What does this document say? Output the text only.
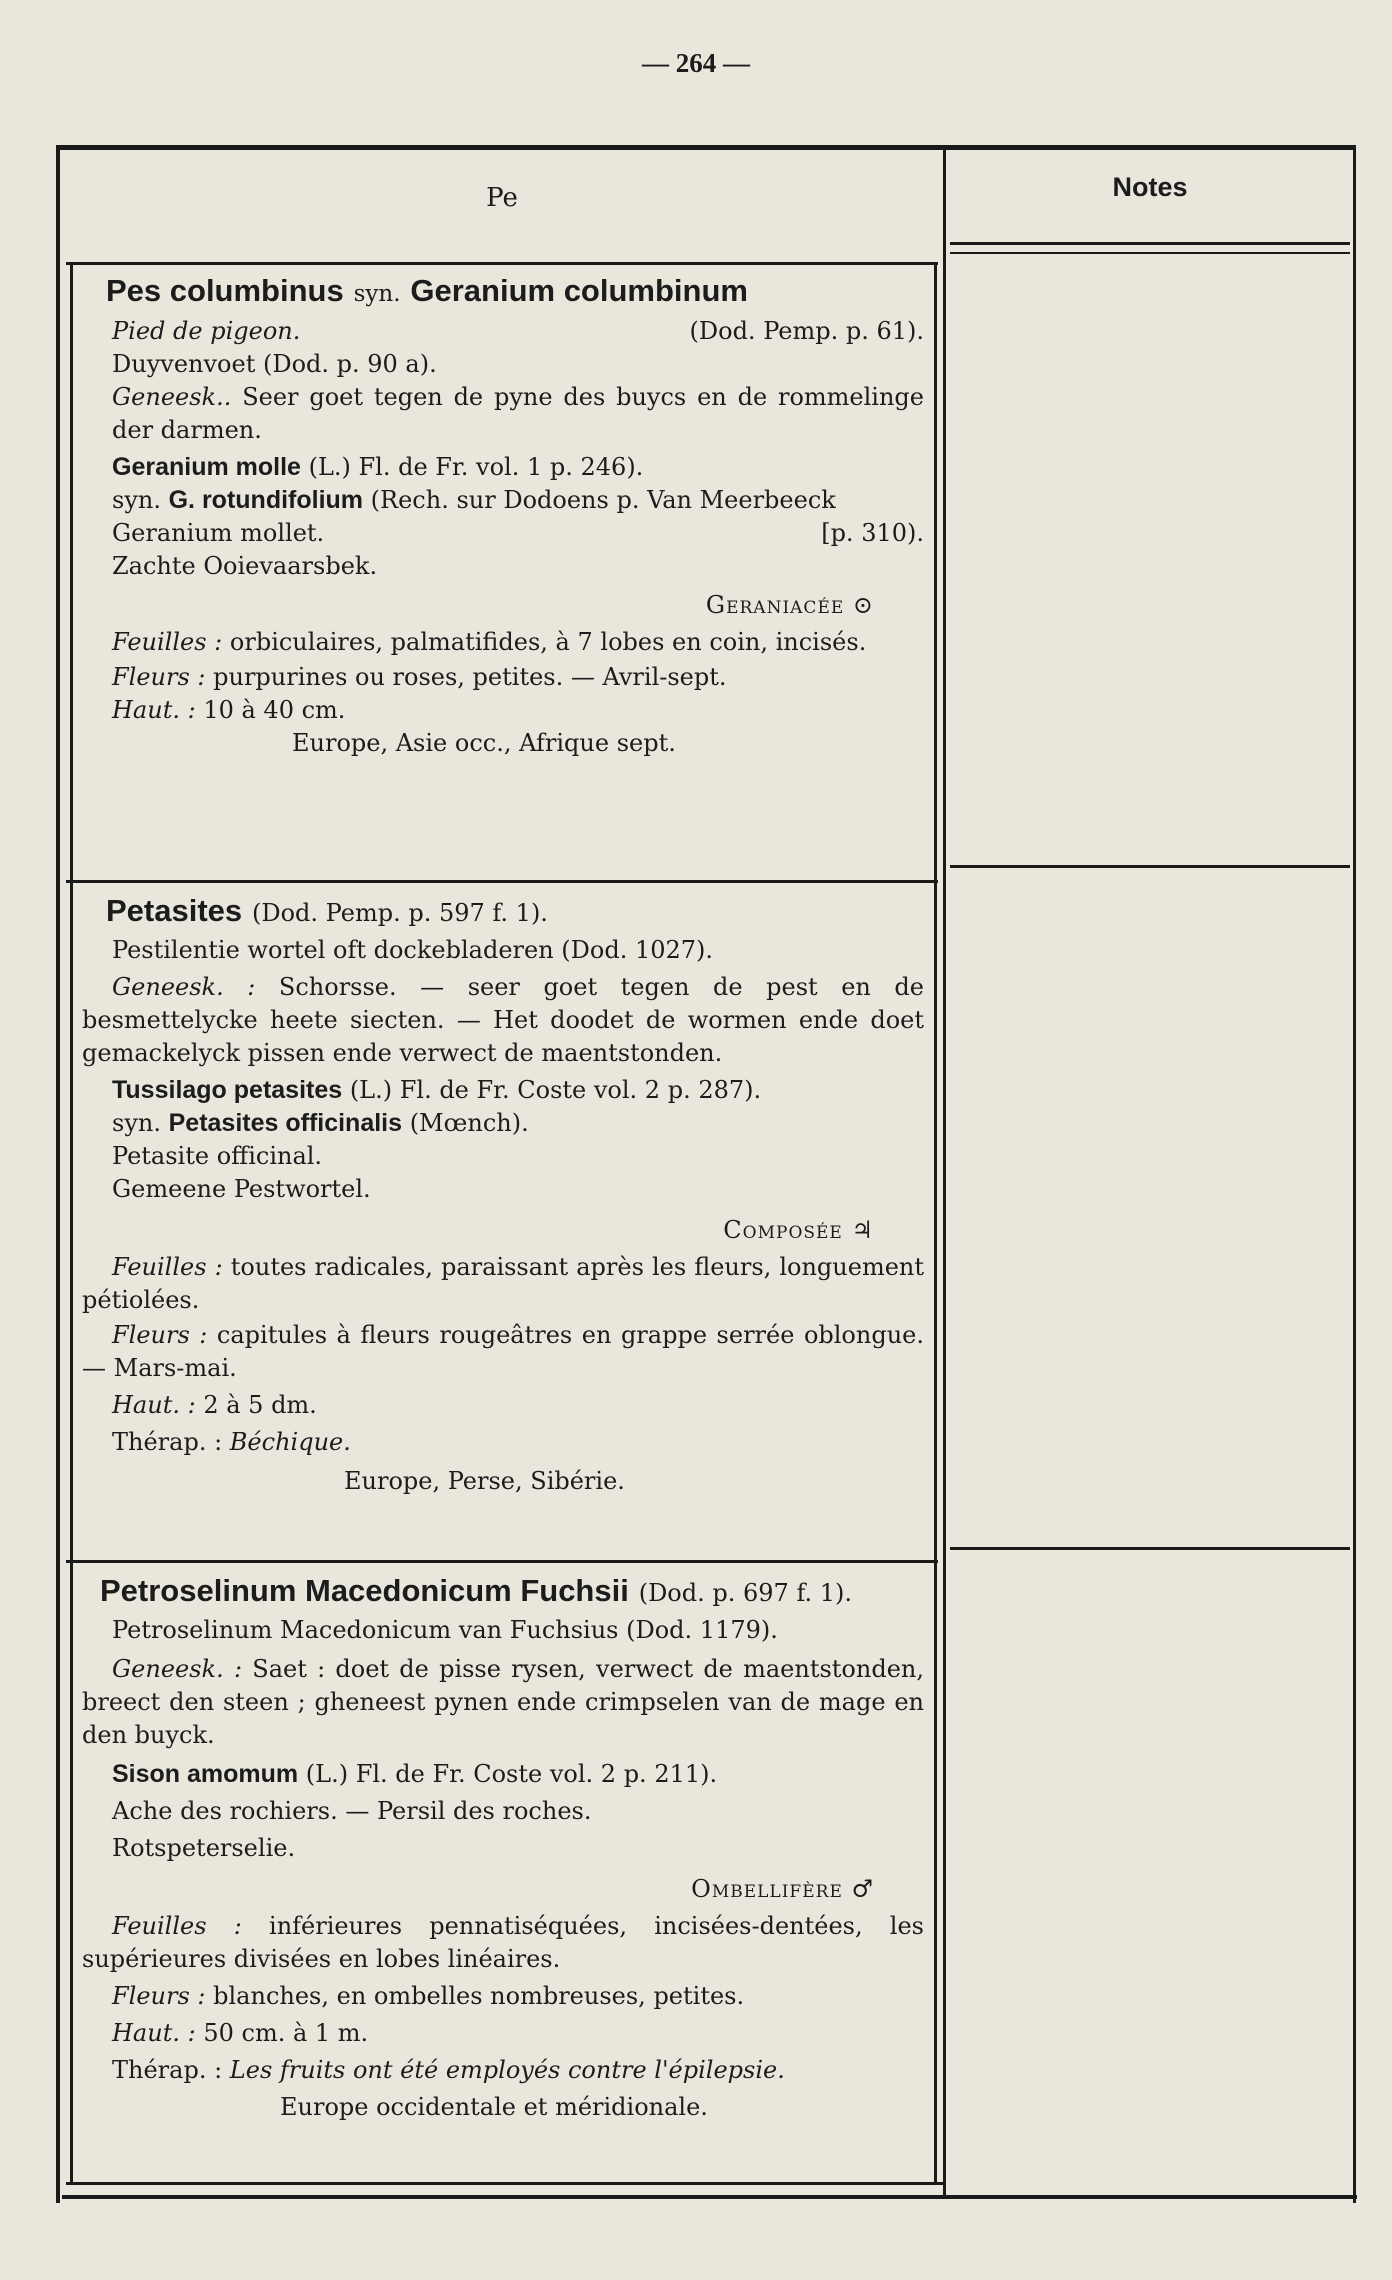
— 264 —
Pe	Notes
Pes columbinus syn. Geranium columbinum
Pied de pigeon.	(Dod. Pemp. p. 61).
Duyvenvoet (Dod. p. 90 a).
Geneesk.. Seer goet tegen de pyne des buycs en de rommelinge der darmen.
Geranium molle (L.) Fl. de Fr. vol. 1 p. 246).
syn. G. rotundifolium (Rech. sur Dodoens p. Van Meerbeeck
Geranium mollet.	[p. 310).
Zachte Ooievaarsbek.
Geraniacée ⊙
Feuilles : orbiculaires, palmatifides, à 7 lobes en coin, incisés.
Fleurs : purpurines ou roses, petites. — Avril-sept.
Haut. : 10 à 40 cm.
Europe, Asie occ., Afrique sept.
Petasites (Dod. Pemp. p. 597 f. 1).
Pestilentie wortel oft dockebladeren (Dod. 1027).
Geneesk. : Schorsse. — seer goet tegen de pest en de besmettelycke heete siecten. — Het doodet de wormen ende doet gemackelyck pissen ende verwect de maentstonden.
Tussilago petasites (L.) Fl. de Fr. Coste vol. 2 p. 287).
syn. Petasites officinalis (Mœnch).
Petasite officinal.
Gemeene Pestwortel.
Composée ♃
Feuilles : toutes radicales, paraissant après les fleurs, longuement pétiolées.
Fleurs : capitules à fleurs rougeâtres en grappe serrée oblongue. — Mars-mai.
Haut. : 2 à 5 dm.
Thérap. : Béchique.
Europe, Perse, Sibérie.
Petroselinum Macedonicum Fuchsii (Dod. p. 697 f. 1).
Petroselinum Macedonicum van Fuchsius (Dod. 1179).
Geneesk. : Saet : doet de pisse rysen, verwect de maentstonden, breect den steen ; gheneest pynen ende crimpselen van de mage en den buyck.
Sison amomum (L.) Fl. de Fr. Coste vol. 2 p. 211).
Ache des rochiers. — Persil des roches.
Rotspeterselie.
Ombellifère ♂
Feuilles : inférieures pennatiséquées, incisées-dentées, les supérieures divisées en lobes linéaires.
Fleurs : blanches, en ombelles nombreuses, petites.
Haut. : 50 cm. à 1 m.
Thérap. : Les fruits ont été employés contre l'épilepsie.
Europe occidentale et méridionale.
